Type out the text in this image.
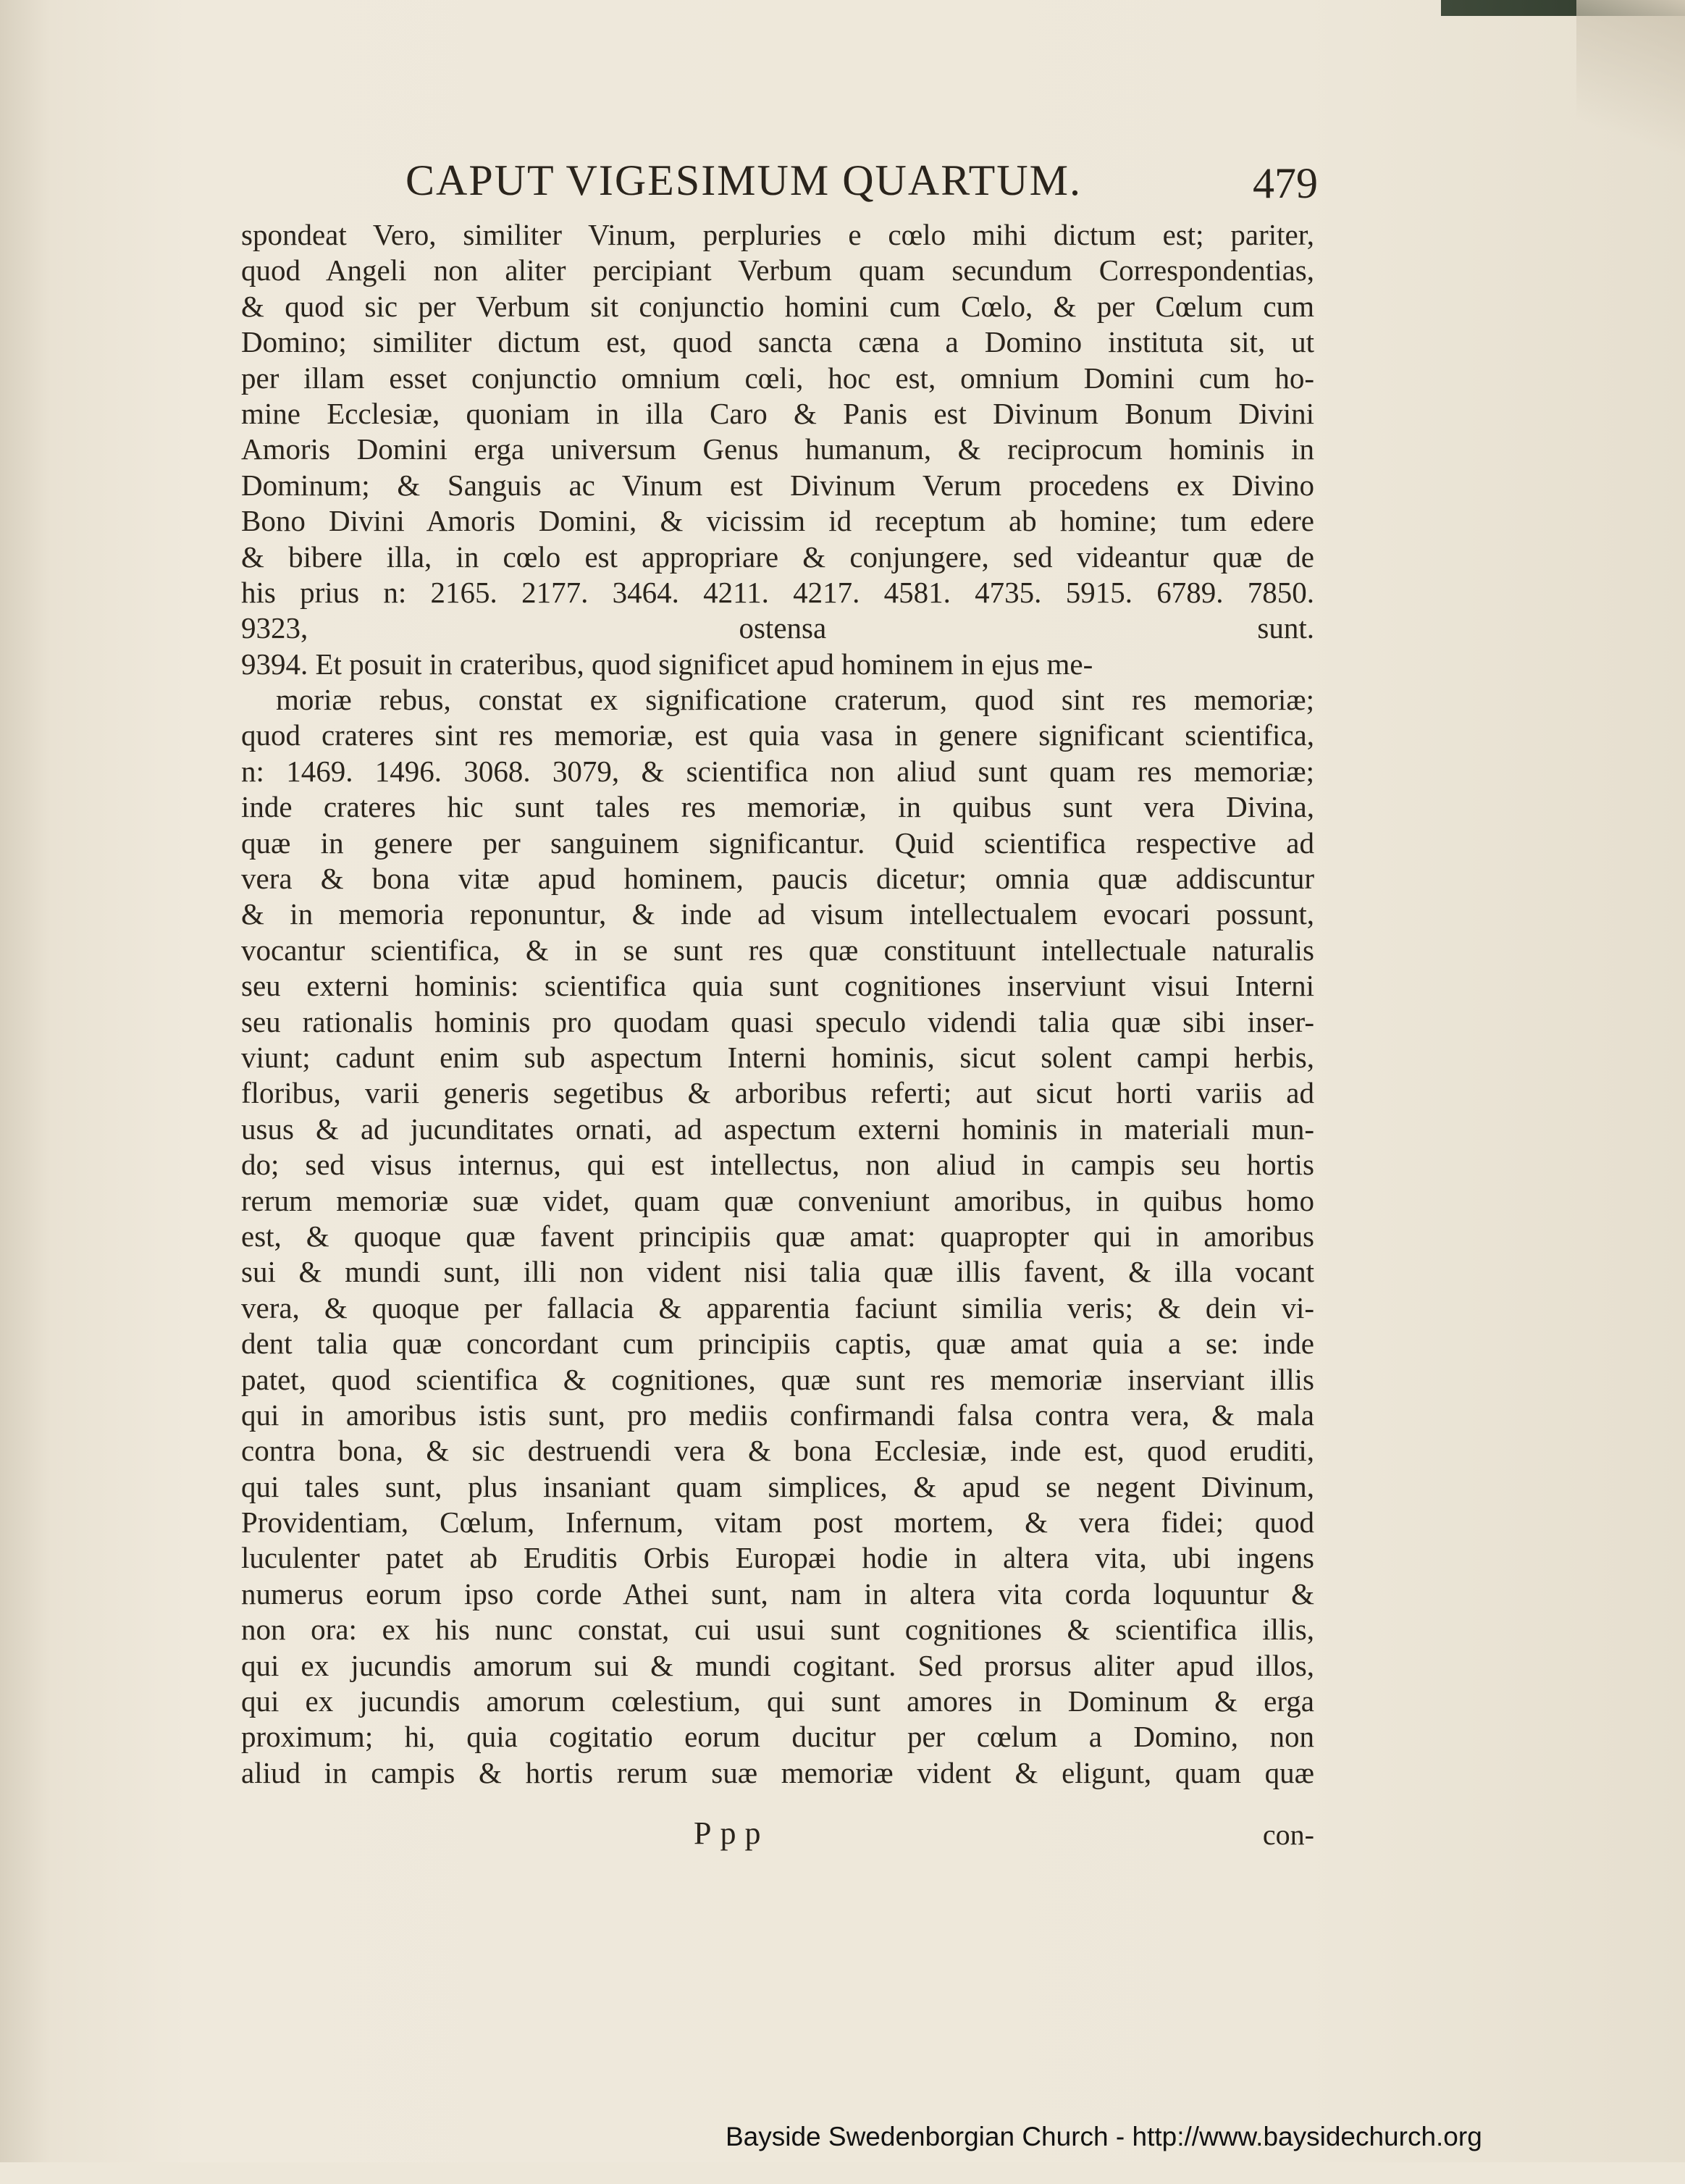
CAPUT VIGESIMUM QUARTUM.	479
spondeat Vero, similiter Vinum, perpluries e cœlo mihi dictum est; pariter,
quod Angeli non aliter percipiant Verbum quam secundum Correspondentias,
& quod sic per Verbum sit conjunctio homini cum Cœlo, & per Cœlum cum
Domino; similiter dictum est, quod sancta cæna a Domino instituta sit, ut
per illam esset conjunctio omnium cœli, hoc est, omnium Domini cum ho-
mine Ecclesiæ, quoniam in illa Caro & Panis est Divinum Bonum Divini
Amoris Domini erga universum Genus humanum, & reciprocum hominis in
Dominum; & Sanguis ac Vinum est Divinum Verum procedens ex Divino
Bono Divini Amoris Domini, & vicissim id receptum ab homine; tum edere
& bibere illa, in cœlo est appropriare & conjungere, sed videantur quæ de
his prius n: 2165. 2177. 3464. 4211. 4217. 4581. 4735. 5915. 6789. 7850.
9323, ostensa sunt.
9394. Et posuit in crateribus, quod significet apud hominem in ejus me-
moriæ rebus, constat ex significatione craterum, quod sint res memoriæ;
quod crateres sint res memoriæ, est quia vasa in genere significant scientifica,
n: 1469. 1496. 3068. 3079, & scientifica non aliud sunt quam res memoriæ;
inde crateres hic sunt tales res memoriæ, in quibus sunt vera Divina,
quæ in genere per sanguinem significantur. Quid scientifica respective ad
vera & bona vitæ apud hominem, paucis dicetur; omnia quæ addiscuntur
& in memoria reponuntur, & inde ad visum intellectualem evocari possunt,
vocantur scientifica, & in se sunt res quæ constituunt intellectuale naturalis
seu externi hominis: scientifica quia sunt cognitiones inserviunt visui Interni
seu rationalis hominis pro quodam quasi speculo videndi talia quæ sibi inser-
viunt; cadunt enim sub aspectum Interni hominis, sicut solent campi herbis,
floribus, varii generis segetibus & arboribus referti; aut sicut horti variis ad
usus & ad jucunditates ornati, ad aspectum externi hominis in materiali mun-
do; sed visus internus, qui est intellectus, non aliud in campis seu hortis
rerum memoriæ suæ videt, quam quæ conveniunt amoribus, in quibus homo
est, & quoque quæ favent principiis quæ amat: quapropter qui in amoribus
sui & mundi sunt, illi non vident nisi talia quæ illis favent, & illa vocant
vera, & quoque per fallacia & apparentia faciunt similia veris; & dein vi-
dent talia quæ concordant cum principiis captis, quæ amat quia a se: inde
patet, quod scientifica & cognitiones, quæ sunt res memoriæ inserviant illis
qui in amoribus istis sunt, pro mediis confirmandi falsa contra vera, & mala
contra bona, & sic destruendi vera & bona Ecclesiæ, inde est, quod eruditi,
qui tales sunt, plus insaniant quam simplices, & apud se negent Divinum,
Providentiam, Cœlum, Infernum, vitam post mortem, & vera fidei; quod
luculenter patet ab Eruditis Orbis Europæi hodie in altera vita, ubi ingens
numerus eorum ipso corde Athei sunt, nam in altera vita corda loquuntur &
non ora: ex his nunc constat, cui usui sunt cognitiones & scientifica illis,
qui ex jucundis amorum sui & mundi cogitant. Sed prorsus aliter apud illos,
qui ex jucundis amorum cœlestium, qui sunt amores in Dominum & erga
proximum; hi, quia cogitatio eorum ducitur per cœlum a Domino, non
aliud in campis & hortis rerum suæ memoriæ vident & eligunt, quam quæ
Ppp	con-
Bayside Swedenborgian Church - http://www.baysidechurch.org
